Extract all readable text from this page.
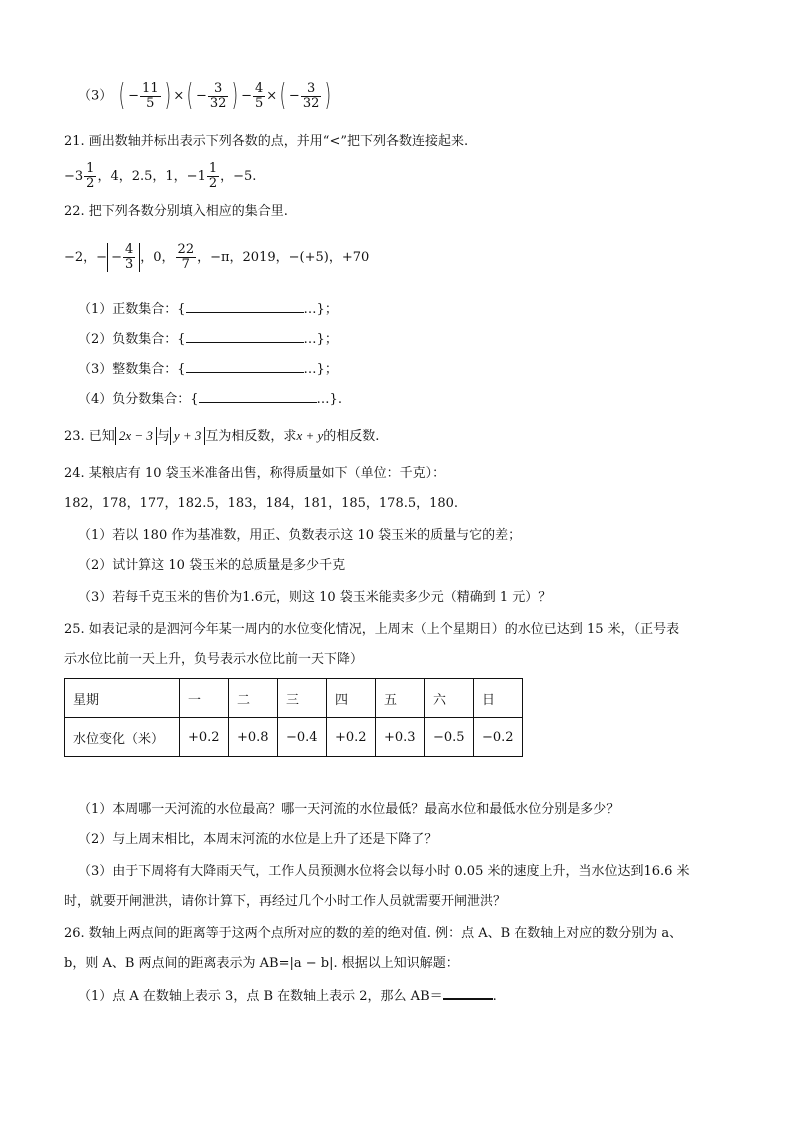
（3） ( − $\frac{11}{5}$ ) ×( − $\frac{3}{32}$ ) − $\frac{4}{5}$ ×( − $\frac{3}{32}$ )
21. 画出数轴并标出表示下列各数的点，并用“<”把下列各数连接起来.
$-3 \frac{1}{2}$ ，4，2.5，1，$-1 \frac{1}{2}$ ，−5.
22. 把下列各数分别填入相应的集合里.
−2，− − $\frac{4}{3}$ ，0， $\frac{22}{7}$ ，−π，2019，−(+5)，+70
（1）正数集合：{	…}；
（2）负数集合：{	…}；
（3）整数集合：{	…}；
（4）负分数集合：{	…}.
23. 已知 2x − 3 与 y + 3 互为相反数，求x + y的相反数.
24. 某粮店有 10 袋玉米准备出售，称得质量如下（单位：千克）：
182，178，177，182.5，183，184，181，185，178.5，180.
（1）若以 180 作为基准数，用正、负数表示这 10 袋玉米的质量与它的差；
（2）试计算这 10 袋玉米的总质量是多少千克
（3）若每千克玉米的售价为1.6元，则这 10 袋玉米能卖多少元（精确到 1 元）？
25. 如表记录的是泗河今年某一周内的水位变化情况，上周末（上个星期日）的水位已达到 15 米，（正号表
示水位比前一天上升，负号表示水位比前一天下降）
星期	一	二	三	四	五	六	日
水位变化（米）	+0.2	+0.8	−0.4	+0.2	+0.3	−0.5	−0.2
（1）本周哪一天河流的水位最高？哪一天河流的水位最低？最高水位和最低水位分别是多少？
（2）与上周末相比，本周末河流的水位是上升了还是下降了？
（3）由于下周将有大降雨天气，工作人员预测水位将会以每小时 0.05 米的速度上升，当水位达到16.6 米
时，就要开闸泄洪，请你计算下，再经过几个小时工作人员就需要开闸泄洪？
26. 数轴上两点间的距离等于这两个点所对应的数的差的绝对值. 例：点 A、B 在数轴上对应的数分别为 a、
b，则 A、B 两点间的距离表示为 AB=|a − b|. 根据以上知识解题：
（1）点 A 在数轴上表示 3，点 B 在数轴上表示 2，那么 AB＝	.
